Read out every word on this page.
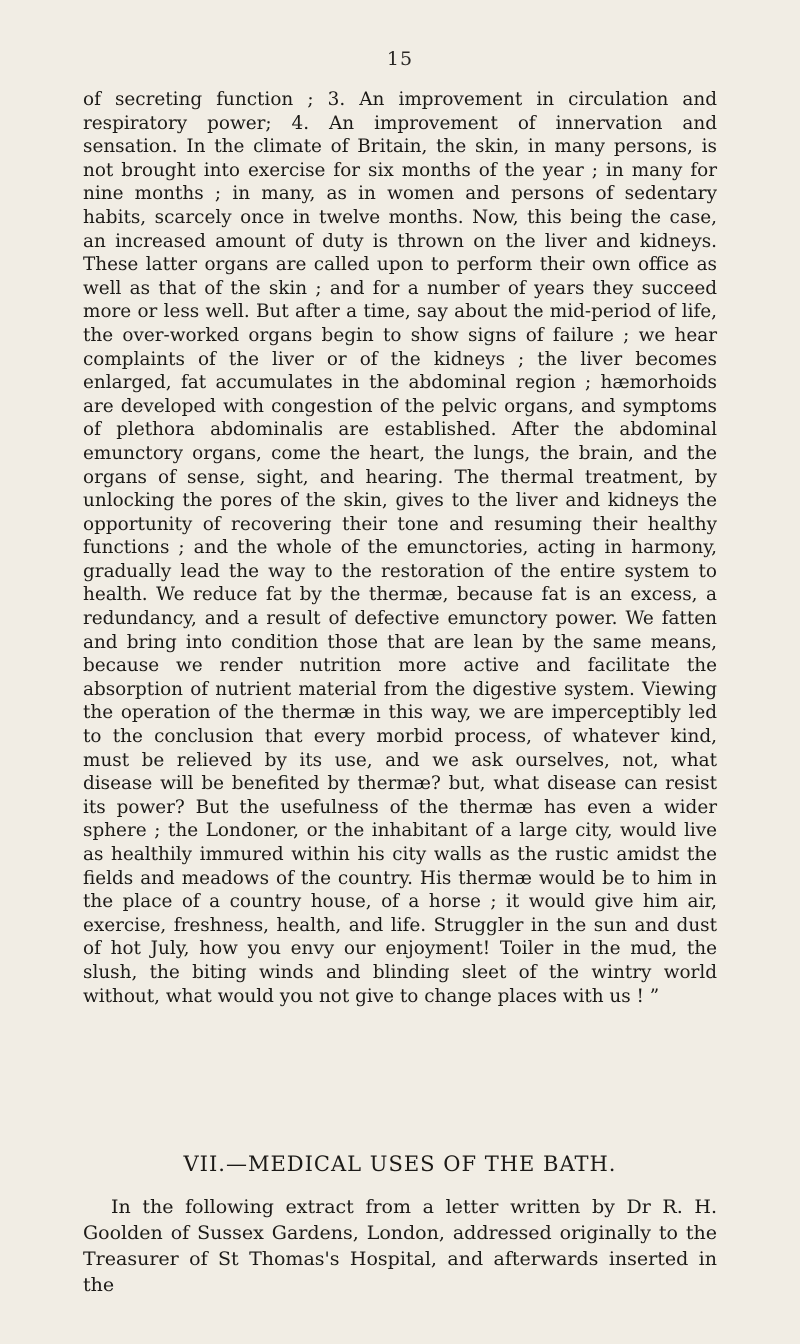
15

of secreting function ; 3. An improvement in circulation and respiratory power; 4. An improvement of innervation and sensation. In the climate of Britain, the skin, in many persons, is not brought into exercise for six months of the year ; in many for nine months ; in many, as in women and persons of sedentary habits, scarcely once in twelve months. Now, this being the case, an increased amount of duty is thrown on the liver and kidneys. These latter organs are called upon to perform their own office as well as that of the skin ; and for a number of years they succeed more or less well. But after a time, say about the mid-period of life, the over-worked organs begin to show signs of failure ; we hear complaints of the liver or of the kidneys ; the liver becomes enlarged, fat accumulates in the abdominal region ; hæmorhoids are developed with congestion of the pelvic organs, and symptoms of plethora abdominalis are established. After the abdominal emunctory organs, come the heart, the lungs, the brain, and the organs of sense, sight, and hearing. The thermal treatment, by unlocking the pores of the skin, gives to the liver and kidneys the opportunity of recovering their tone and resuming their healthy functions ; and the whole of the emunctories, acting in harmony, gradually lead the way to the restoration of the entire system to health. We reduce fat by the thermæ, because fat is an excess, a redundancy, and a result of defective emunctory power. We fatten and bring into condition those that are lean by the same means, because we render nutrition more active and facilitate the absorption of nutrient material from the digestive system. Viewing the operation of the thermæ in this way, we are imperceptibly led to the conclusion that every morbid process, of whatever kind, must be relieved by its use, and we ask ourselves, not, what disease will be benefited by thermæ? but, what disease can resist its power? But the usefulness of the thermæ has even a wider sphere ; the Londoner, or the inhabitant of a large city, would live as healthily immured within his city walls as the rustic amidst the fields and meadows of the country. His thermæ would be to him in the place of a country house, of a horse ; it would give him air, exercise, freshness, health, and life. Struggler in the sun and dust of hot July, how you envy our enjoyment! Toiler in the mud, the slush, the biting winds and blinding sleet of the wintry world without, what would you not give to change places with us ! ”

VII.—MEDICAL USES OF THE BATH.

In the following extract from a letter written by Dr R. H. Goolden of Sussex Gardens, London, addressed originally to the Treasurer of St Thomas's Hospital, and afterwards inserted in the
